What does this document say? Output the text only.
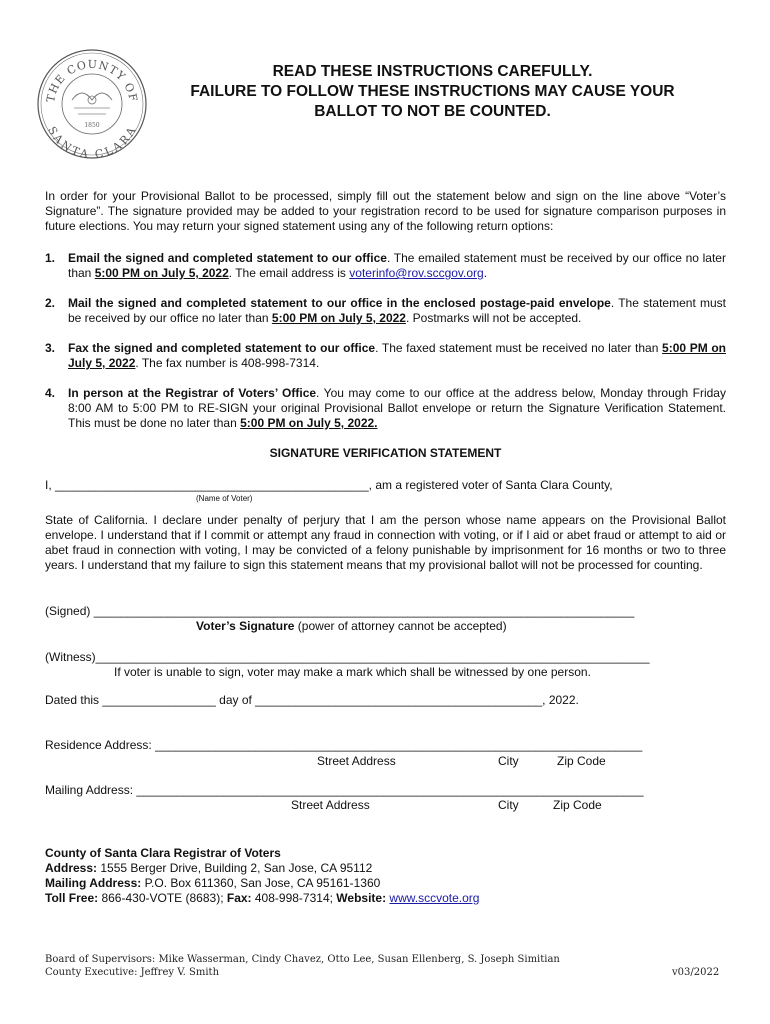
THE COUNTY OF
SANTA CLARA
1850
READ THESE INSTRUCTIONS CAREFULLY.
FAILURE TO FOLLOW THESE INSTRUCTIONS MAY CAUSE YOUR
BALLOT TO NOT BE COUNTED.
In order for your Provisional Ballot to be processed, simply fill out the statement below and sign on the line above “Voter’s Signature”. The signature provided may be added to your registration record to be used for signature comparison purposes in future elections. You may return your signed statement using any of the following return options:
1. Email the signed and completed statement to our office. The emailed statement must be received by our office no later than 5:00 PM on July 5, 2022. The email address is voterinfo@rov.sccgov.org.
2. Mail the signed and completed statement to our office in the enclosed postage-paid envelope. The statement must be received by our office no later than 5:00 PM on July 5, 2022. Postmarks will not be accepted.
3. Fax the signed and completed statement to our office. The faxed statement must be received no later than 5:00 PM on July 5, 2022. The fax number is 408-998-7314.
4. In person at the Registrar of Voters’ Office. You may come to our office at the address below, Monday through Friday 8:00 AM to 5:00 PM to RE-SIGN your original Provisional Ballot envelope or return the Signature Verification Statement. This must be done no later than 5:00 PM on July 5, 2022.
SIGNATURE VERIFICATION STATEMENT
I, _______________________________________________, am a registered voter of Santa Clara County,
(Name of Voter)
State of California. I declare under penalty of perjury that I am the person whose name appears on the Provisional Ballot envelope. I understand that if I commit or attempt any fraud in connection with voting, or if I aid or abet fraud or attempt to aid or abet fraud in connection with voting, I may be convicted of a felony punishable by imprisonment for 16 months or two to three years. I understand that my failure to sign this statement means that my provisional ballot will not be processed for counting.
(Signed) _________________________________________________________________________________
Voter’s Signature (power of attorney cannot be accepted)
(Witness)___________________________________________________________________________________
If voter is unable to sign, voter may make a mark which shall be witnessed by one person.
Dated this _________________ day of ___________________________________________, 2022.
Residence Address: _________________________________________________________________________
Street Address	City	Zip Code
Mailing Address: ____________________________________________________________________________
Street Address	City	Zip Code
County of Santa Clara Registrar of Voters
Address: 1555 Berger Drive, Building 2, San Jose, CA 95112
Mailing Address: P.O. Box 611360, San Jose, CA 95161-1360
Toll Free: 866-430-VOTE (8683); Fax: 408-998-7314; Website: www.sccvote.org
Board of Supervisors: Mike Wasserman, Cindy Chavez, Otto Lee, Susan Ellenberg, S. Joseph Simitian
County Executive: Jeffrey V. Smith	v03/2022
